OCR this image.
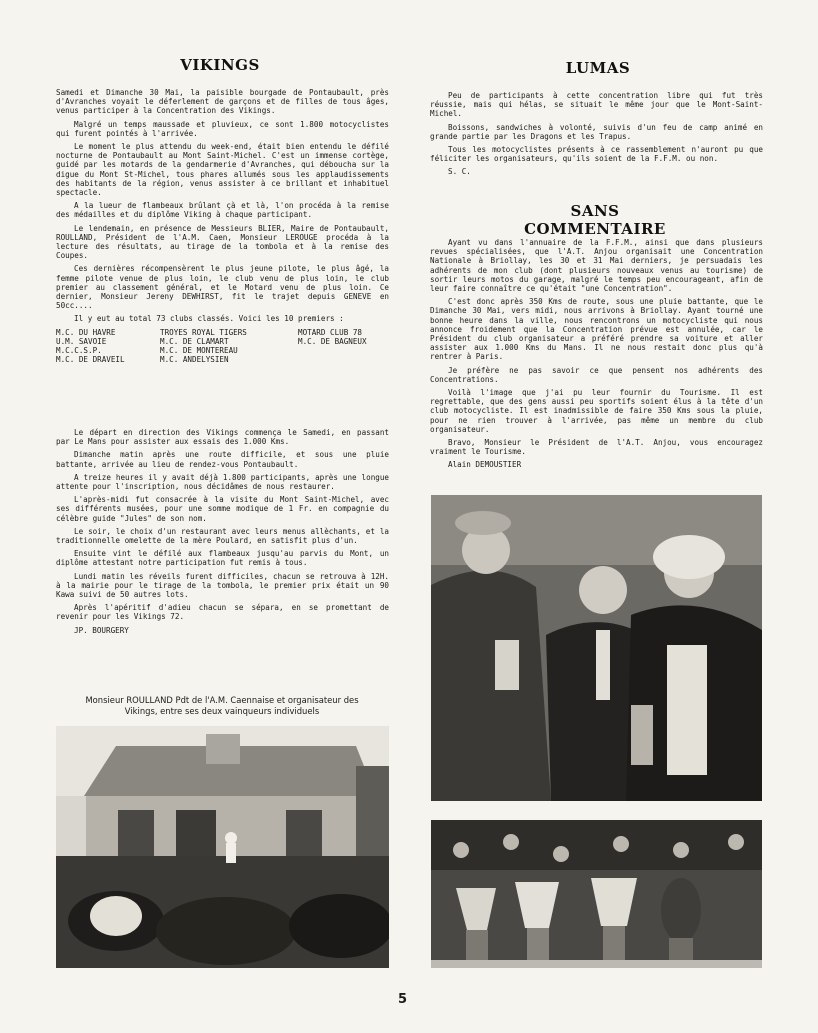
VIKINGS

Samedi et Dimanche 30 Mai, la paisible bourgade de Pontaubault, près d'Avranches voyait le déferlement de garçons et de filles de tous âges, venus participer à la Concentration des Vikings.

Malgré un temps maussade et pluvieux, ce sont 1.800 motocyclistes qui furent pointés à l'arrivée.

Le moment le plus attendu du week-end, était bien entendu le défilé nocturne de Pontaubault au Mont Saint-Michel. C'est un immense cortège, guidé par les motards de la gendarmerie d'Avranches, qui déboucha sur la digue du Mont St-Michel, tous phares allumés sous les applaudissements des habitants de la région, venus assister à ce brillant et inhabituel spectacle.

A la lueur de flambeaux brûlant çà et là, l'on procéda à la remise des médailles et du diplôme Viking à chaque participant.

Le lendemain, en présence de Messieurs BLIER, Maire de Pontaubault, ROULLAND, Président de l'A.M. Caen, Monsieur LEROUGE procéda à la lecture des résultats, au tirage de la tombola et à la remise des Coupes.

Ces dernières récompensèrent le plus jeune pilote, le plus âgé, la femme pilote venue de plus loin, le club venu de plus loin, le club premier au classement général, et le Motard venu de plus loin. Ce dernier, Monsieur Jereny DEWHIRST, fit le trajet depuis GENEVE en 50cc....

Il y eut au total 73 clubs classés. Voici les 10 premiers :

M.C. DU HAVRE	TROYES ROYAL TIGERS	MOTARD CLUB 78
U.M. SAVOIE	M.C. DE CLAMART	M.C. DE BAGNEUX
M.C.C.S.P.	M.C. DE MONTEREAU
M.C. DE DRAVEIL	M.C. ANDELYSIEN

Le départ en direction des Vikings commença le Samedi, en passant par Le Mans pour assister aux essais des 1.000 Kms.

Dimanche matin après une route difficile, et sous une pluie battante, arrivée au lieu de rendez-vous Pontaubault.

A treize heures il y avait déjà 1.800 participants, après une longue attente pour l'inscription, nous décidâmes de nous restaurer.

L'après-midi fut consacrée à la visite du Mont Saint-Michel, avec ses différents musées, pour une somme modique de 1 Fr. en compagnie du célèbre guide "Jules" de son nom.

Le soir, le choix d'un restaurant avec leurs menus allèchants, et la traditionnelle omelette de la mère Poulard, en satisfit plus d'un.

Ensuite vint le défilé aux flambeaux jusqu'au parvis du Mont, un diplôme attestant notre participation fut remis à tous.

Lundi matin les réveils furent difficiles, chacun se retrouva à 12H. à la mairie pour le tirage de la tombola, le premier prix était un 90 Kawa suivi de 50 autres lots.

Après l'apéritif d'adieu chacun se sépara, en se promettant de revenir pour les Vikings 72.

JP. BOURGERY

Monsieur ROULLAND Pdt de l'A.M. Caennaise et organisateur des Vikings, entre ses deux vainqueurs individuels
LUMAS

Peu de participants à cette concentration libre qui fut très réussie, mais qui hélas, se situait le même jour que le Mont-Saint-Michel.

Boissons, sandwiches à volonté, suivis d'un feu de camp animé en grande partie par les Dragons et les Trapus.

Tous les motocyclistes présents à ce rassemblement n'auront pu que féliciter les organisateurs, qu'ils soient de la F.F.M. ou non.

S. C.

SANS COMMENTAIRE

Ayant vu dans l'annuaire de la F.F.M., ainsi que dans plusieurs revues spécialisées, que l'A.T. Anjou organisait une Concentration Nationale à Briollay, les 30 et 31 Mai derniers, je persuadais les adhérents de mon club (dont plusieurs nouveaux venus au tourisme) de sortir leurs motos du garage, malgré le temps peu encourageant, afin de leur faire connaître ce qu'était "une Concentration".

C'est donc après 350 Kms de route, sous une pluie battante, que le Dimanche 30 Mai, vers midi, nous arrivons à Briollay. Ayant tourné une bonne heure dans la ville, nous rencontrons un motocycliste qui nous annonce froidement que la Concentration prévue est annulée, car le Président du club organisateur a préféré prendre sa voiture et aller assister aux 1.000 Kms du Mans. Il ne nous restait donc plus qu'à rentrer à Paris.

Je préfère ne pas savoir ce que pensent nos adhérents des Concentrations.

Voilà l'image que j'ai pu leur fournir du Tourisme. Il est regrettable, que des gens aussi peu sportifs soient élus à la tête d'un club motocycliste. Il est inadmissible de faire 350 Kms sous la pluie, pour ne rien trouver à l'arrivée, pas même un membre du club organisateur.

Bravo, Monsieur le Président de l'A.T. Anjou, vous encouragez vraiment le Tourisme.

Alain DEMOUSTIER

5
